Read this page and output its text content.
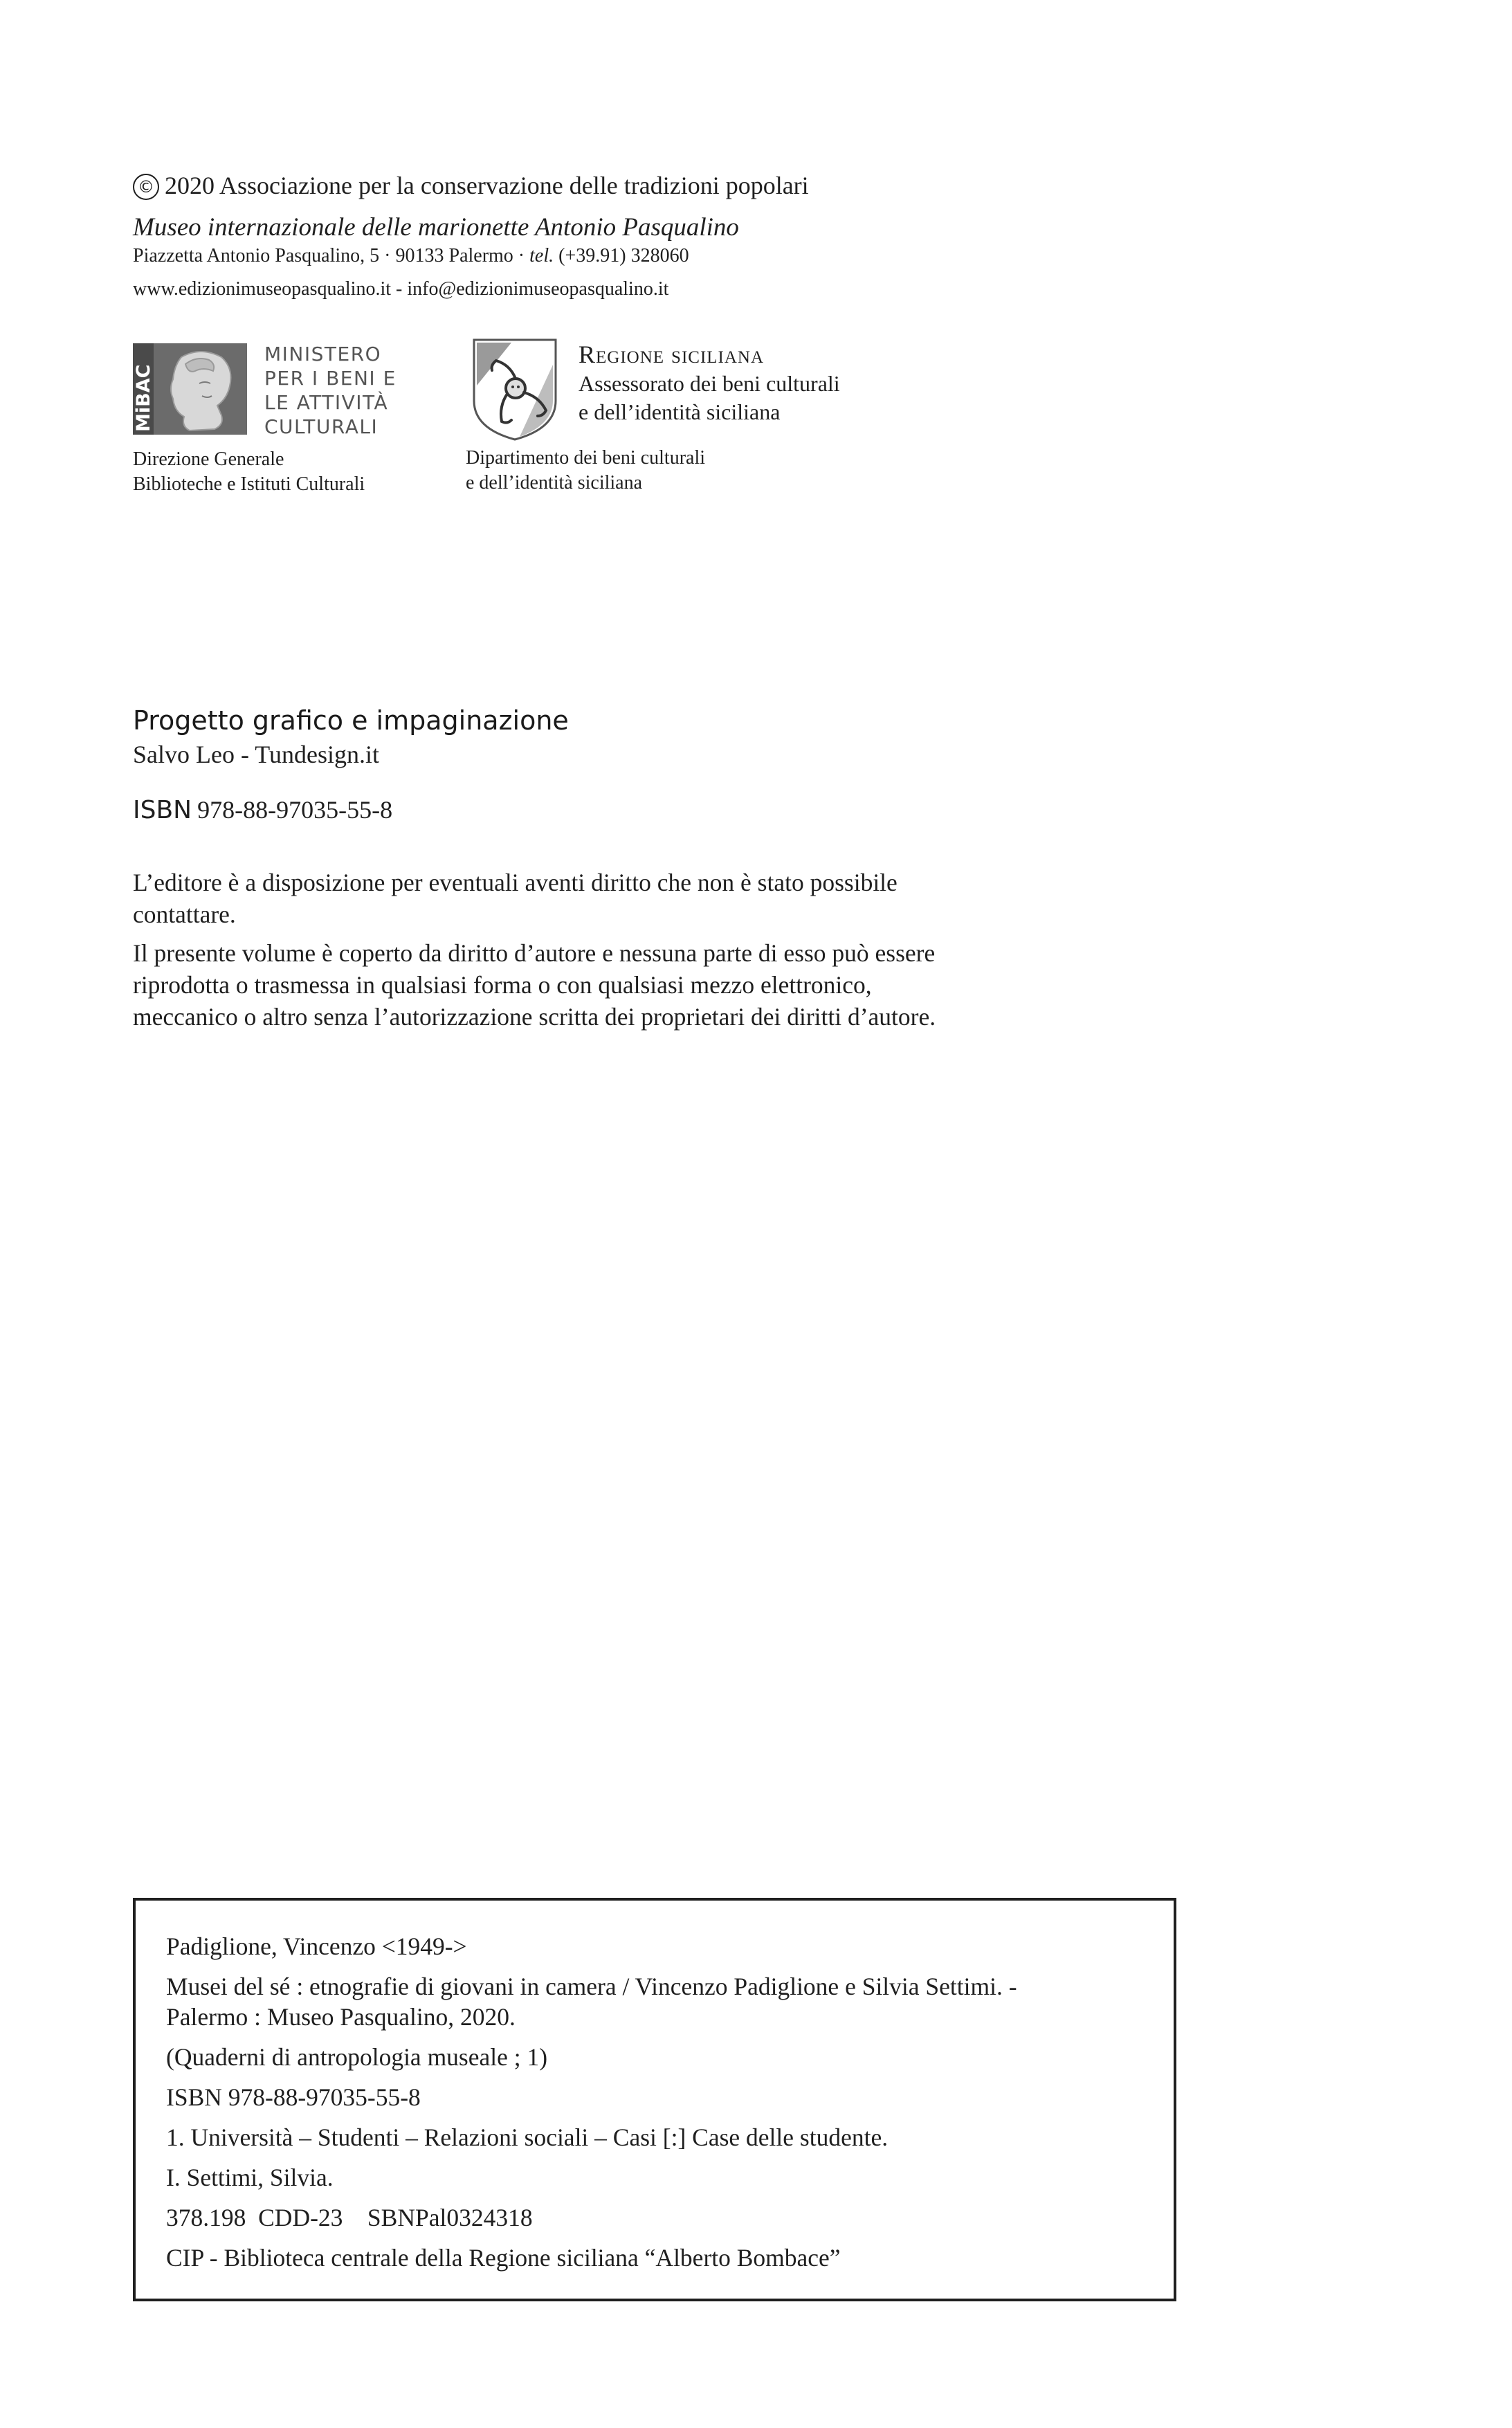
© 2020 Associazione per la conservazione delle tradizioni popolari
Museo internazionale delle marionette Antonio Pasqualino
Piazzetta Antonio Pasqualino, 5 · 90133 Palermo · tel. (+39.91) 328060
www.edizionimuseopasqualino.it - info@edizionimuseopasqualino.it
MiBAC
MINISTERO
PER I BENI E
LE ATTIVITÀ
CULTURALI
Direzione Generale
Biblioteche e Istituti Culturali
Regione siciliana
Assessorato dei beni culturali
e dell’identità siciliana
Dipartimento dei beni culturali
e dell’identità siciliana
Progetto grafico e impaginazione
Salvo Leo - Tundesign.it
ISBN 978-88-97035-55-8
L’editore è a disposizione per eventuali aventi diritto che non è stato possibile
contattare.
Il presente volume è coperto da diritto d’autore e nessuna parte di esso può essere
riprodotta o trasmessa in qualsiasi forma o con qualsiasi mezzo elettronico,
meccanico o altro senza l’autorizzazione scritta dei proprietari dei diritti d’autore.
Padiglione, Vincenzo <1949->
Musei del sé : etnografie di giovani in camera / Vincenzo Padiglione e Silvia Settimi. -
Palermo : Museo Pasqualino, 2020.
(Quaderni di antropologia museale ; 1)
ISBN 978-88-97035-55-8
1. Università – Studenti – Relazioni sociali – Casi [:] Case delle studente.
I. Settimi, Silvia.
378.198  CDD-23    SBNPal0324318
CIP - Biblioteca centrale della Regione siciliana “Alberto Bombace”
